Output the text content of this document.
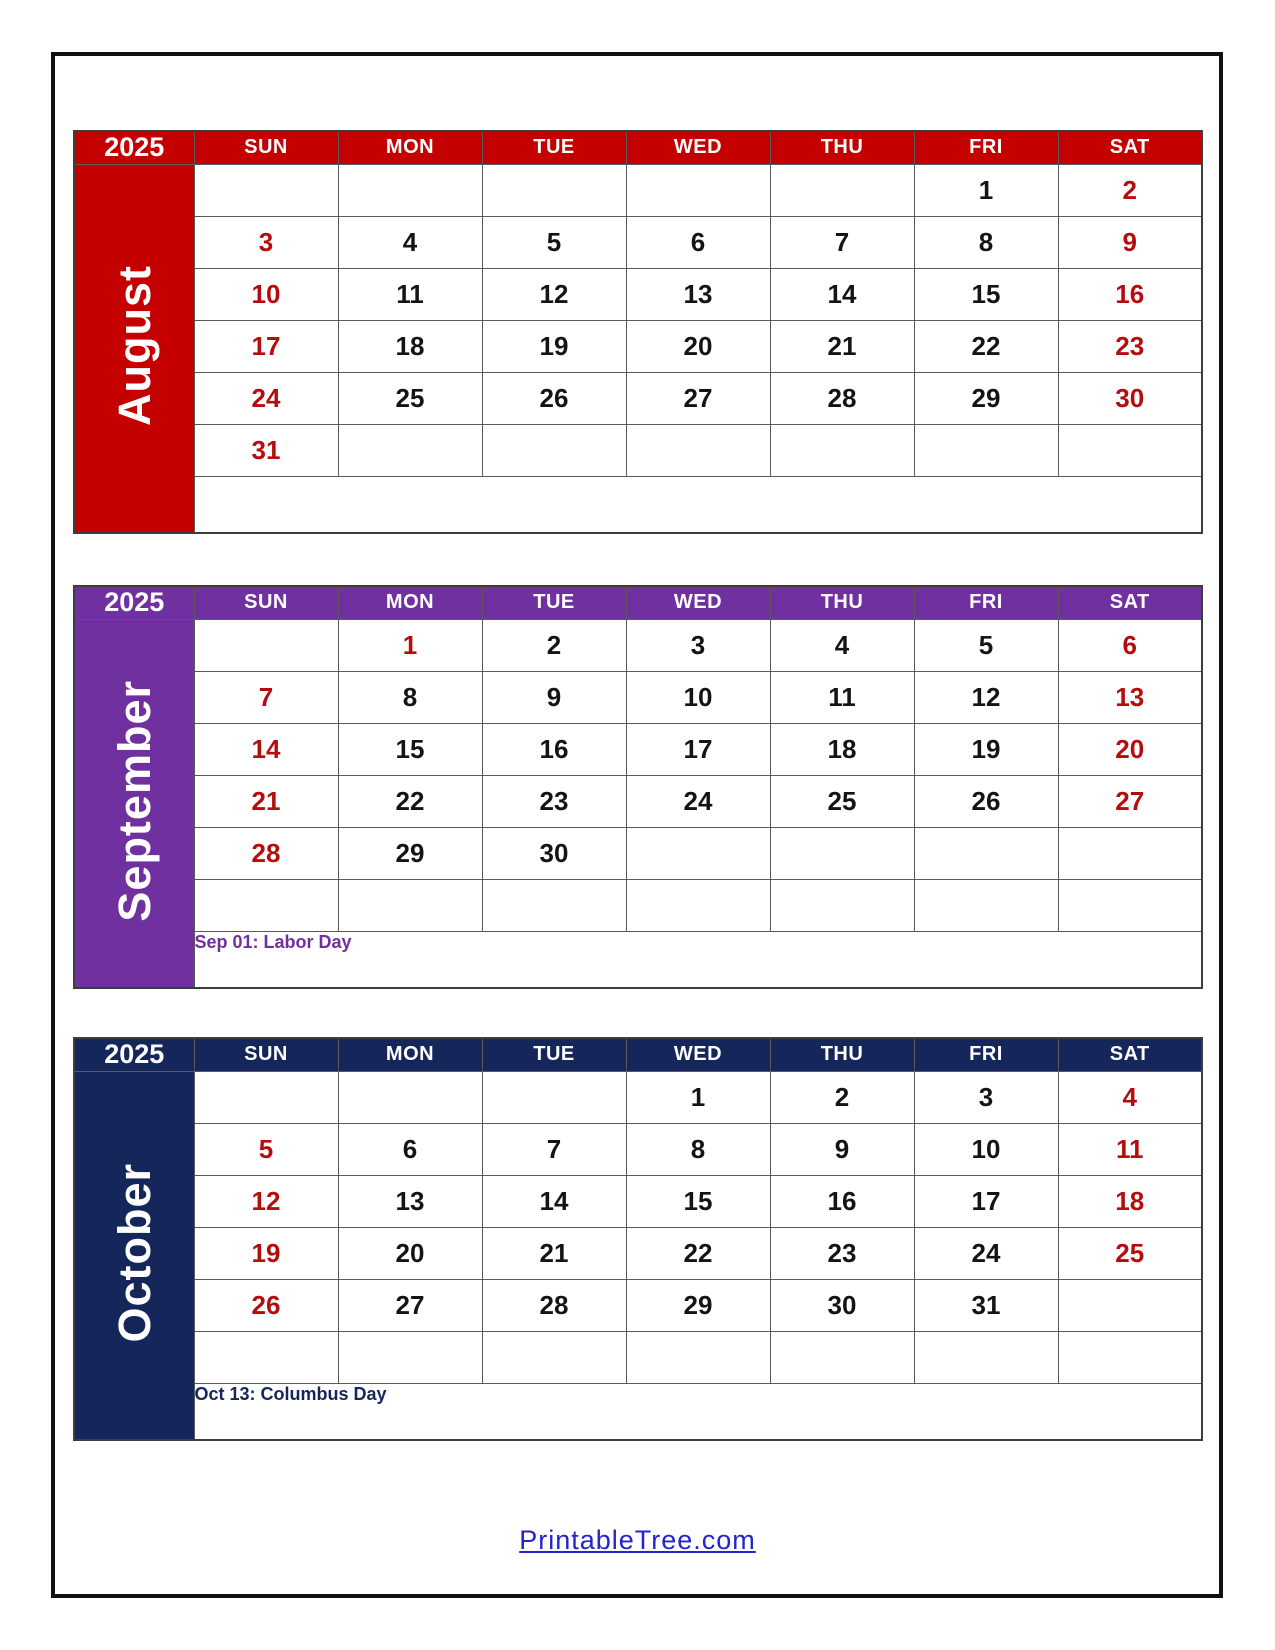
2025	SUN	MON	TUE	WED	THU	FRI	SAT
August						1	2
	3	4	5	6	7	8	9
	10	11	12	13	14	15	16
	17	18	19	20	21	22	23
	24	25	26	27	28	29	30
	31						

2025	SUN	MON	TUE	WED	THU	FRI	SAT
September		1	2	3	4	5	6
	7	8	9	10	11	12	13
	14	15	16	17	18	19	20
	21	22	23	24	25	26	27
	28	29	30				

	Sep 01: Labor Day						
2025	SUN	MON	TUE	WED	THU	FRI	SAT
October				1	2	3	4
	5	6	7	8	9	10	11
	12	13	14	15	16	17	18
	19	20	21	22	23	24	25
	26	27	28	29	30	31	

	Oct 13: Columbus Day						
PrintableTree.com
